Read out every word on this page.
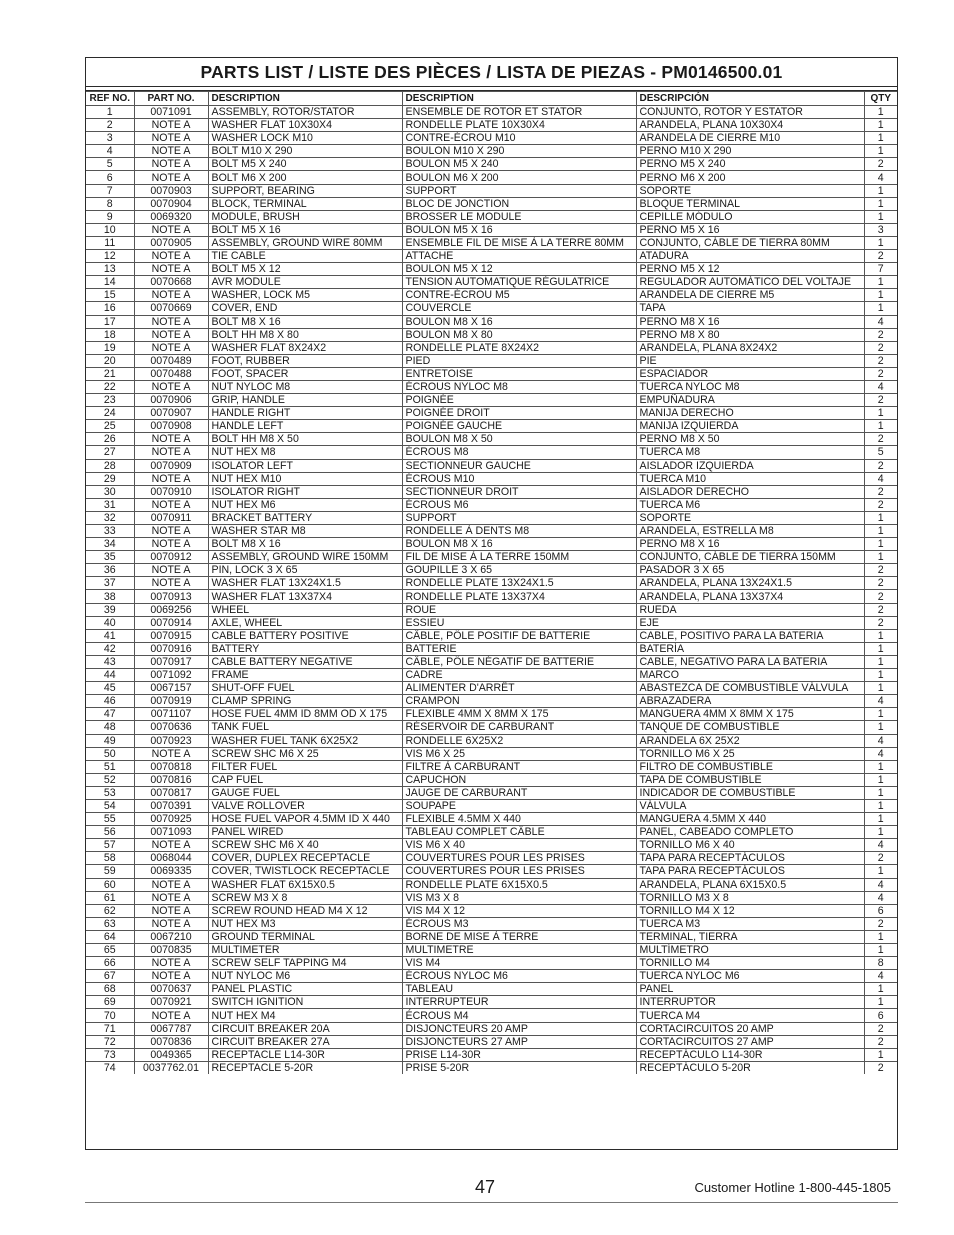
PARTS LIST / LISTE DES PIÈCES / LISTA DE PIEZAS - PM0146500.01
REF NO.	PART NO.	DESCRIPTION	DESCRIPTION	DESCRIPCIÓN	QTY
1	0071091	ASSEMBLY, ROTOR/STATOR	ENSEMBLE DE ROTOR ET STATOR	CONJUNTO, ROTOR Y ESTATOR	1
2	NOTE A	WASHER FLAT 10X30X4	RONDELLE PLATE 10X30X4	ARANDELA, PLANA 10X30X4	1
3	NOTE A	WASHER LOCK M10	CONTRE-ÉCROU M10	ARANDELA DE CIERRE M10	1
4	NOTE A	BOLT M10 X 290	BOULON M10 X 290	PERNO M10 X 290	1
5	NOTE A	BOLT M5 X 240	BOULON M5 X 240	PERNO M5 X 240	2
6	NOTE A	BOLT M6 X 200	BOULON M6 X 200	PERNO M6 X 200	4
7	0070903	SUPPORT, BEARING	SUPPORT	SOPORTE	1
8	0070904	BLOCK, TERMINAL	BLOC DE JONCTION	BLOQUE TERMINAL	1
9	0069320	MODULE, BRUSH	BROSSER LE MODULE	CEPILLE MÓDULO	1
10	NOTE A	BOLT M5 X 16	BOULON M5 X 16	PERNO M5 X 16	3
11	0070905	ASSEMBLY, GROUND WIRE 80MM	ENSEMBLE FIL DE MISE À LA TERRE 80MM	CONJUNTO, CÁBLE DE TIERRA 80MM	1
12	NOTE A	TIE CABLE	ATTACHE	ATADURA	2
13	NOTE A	BOLT M5 X 12	BOULON M5 X 12	PERNO M5 X 12	7
14	0070668	AVR MODULE	TENSION AUTOMATIQUE RÉGULATRICE	REGULADOR AUTOMÁTICO DEL VOLTAJE	1
15	NOTE A	WASHER, LOCK M5	CONTRE-ÉCROU M5	ARANDELA DE CIERRE M5	1
16	0070669	COVER, END	COUVERCLE	TAPA	1
17	NOTE A	BOLT M8 X 16	BOULON M8 X 16	PERNO M8 X 16	4
18	NOTE A	BOLT HH M8 X 80	BOULON M8 X 80	PERNO M8 X 80	2
19	NOTE A	WASHER FLAT 8X24X2	RONDELLE PLATE 8X24X2	ARANDELA, PLANA 8X24X2	2
20	0070489	FOOT, RUBBER	PIED	PIE	2
21	0070488	FOOT, SPACER	ENTRETOISE	ESPACIADOR	2
22	NOTE A	NUT NYLOC M8	ÉCROUS NYLOC M8	TUERCA NYLOC M8	4
23	0070906	GRIP, HANDLE	POIGNÉE	EMPUÑADURA	2
24	0070907	HANDLE RIGHT	POIGNÉE DROIT	MANIJA DERECHO	1
25	0070908	HANDLE LEFT	POIGNÉE GAUCHE	MANIJA IZQUIERDA	1
26	NOTE A	BOLT HH M8 X 50	BOULON M8 X 50	PERNO M8 X 50	2
27	NOTE A	NUT HEX M8	ÉCROUS M8	TUERCA M8	5
28	0070909	ISOLATOR LEFT	SECTIONNEUR GAUCHE	AISLADOR IZQUIERDA	2
29	NOTE A	NUT HEX M10	ÉCROUS M10	TUERCA M10	4
30	0070910	ISOLATOR RIGHT	SECTIONNEUR DROIT	AISLADOR DERECHO	2
31	NOTE A	NUT HEX M6	ÉCROUS M6	TUERCA M6	2
32	0070911	BRACKET BATTERY	SUPPORT	SOPORTE	1
33	NOTE A	WASHER STAR M8	RONDELLE À DENTS M8	ARANDELA, ESTRELLA M8	1
34	NOTE A	BOLT M8 X 16	BOULON M8 X 16	PERNO M8 X 16	1
35	0070912	ASSEMBLY, GROUND WIRE 150MM	FIL DE MISE À LA TERRE 150MM	CONJUNTO, CÁBLE DE TIERRA 150MM	1
36	NOTE A	PIN, LOCK 3 X 65	GOUPILLE 3 X 65	PASADOR 3 X 65	2
37	NOTE A	WASHER FLAT 13X24X1.5	RONDELLE PLATE 13X24X1.5	ARANDELA, PLANA 13X24X1.5	2
38	0070913	WASHER FLAT 13X37X4	RONDELLE PLATE 13X37X4	ARANDELA, PLANA 13X37X4	2
39	0069256	WHEEL	ROUE	RUEDA	2
40	0070914	AXLE, WHEEL	ESSIEU	EJE	2
41	0070915	CABLE BATTERY POSITIVE	CÂBLE, PÔLE POSITIF DE BATTERIE	CABLE, POSITIVO PARA LA BATERIA	1
42	0070916	BATTERY	BATTERIE	BATERÍA	1
43	0070917	CABLE BATTERY NEGATIVE	CÂBLE, PÔLE NÉGATIF DE BATTERIE	CABLE, NEGATIVO PARA LA BATERIA	1
44	0071092	FRAME	CADRE	MARCO	1
45	0067157	SHUT-OFF FUEL	ALIMENTER D'ARRÊT	ABASTEZCA DE COMBUSTIBLE VÁLVULA	1
46	0070919	CLAMP SPRING	CRAMPON	ABRAZADERA	4
47	0071107	HOSE FUEL 4MM ID 8MM OD X 175	FLEXIBLE 4MM X 8MM X 175	MANGUERA 4MM X 8MM X 175	1
48	0070636	TANK FUEL	RÉSERVOIR DE CARBURANT	TANQUE DE COMBUSTIBLE	1
49	0070923	WASHER FUEL TANK 6X25X2	RONDELLE 6X25X2	ARANDELA 6X 25X2	4
50	NOTE A	SCREW SHC M6 X 25	VIS M6 X 25	TORNILLO M6 X 25	4
51	0070818	FILTER FUEL	FILTRE À CARBURANT	FILTRO DE COMBUSTIBLE	1
52	0070816	CAP FUEL	CAPUCHON	TAPA DE COMBUSTIBLE	1
53	0070817	GAUGE FUEL	JAUGE DE CARBURANT	INDICADOR DE COMBUSTIBLE	1
54	0070391	VALVE ROLLOVER	SOUPAPE	VÁLVULA	1
55	0070925	HOSE FUEL VAPOR 4.5MM ID X 440	FLEXIBLE 4.5MM X 440	MANGUERA 4.5MM X 440	1
56	0071093	PANEL WIRED	TABLEAU COMPLET CÂBLE	PANEL, CABEADO COMPLETO	1
57	NOTE A	SCREW SHC M6 X 40	VIS M6 X 40	TORNILLO M6 X 40	4
58	0068044	COVER, DUPLEX RECEPTACLE	COUVERTURES POUR LES PRISES	TAPA PARA RECEPTÁCULOS	2
59	0069335	COVER, TWISTLOCK RECEPTACLE	COUVERTURES POUR LES PRISES	TAPA PARA RECEPTÁCULOS	1
60	NOTE A	WASHER FLAT 6X15X0.5	RONDELLE PLATE 6X15X0.5	ARANDELA, PLANA 6X15X0.5	4
61	NOTE A	SCREW M3 X 8	VIS M3 X 8	TORNILLO M3 X 8	4
62	NOTE A	SCREW ROUND HEAD M4 X 12	VIS M4 X 12	TORNILLO M4 X 12	6
63	NOTE A	NUT HEX M3	ÉCROUS M3	TUERCA M3	2
64	0067210	GROUND TERMINAL	BORNE DE MISE À TERRE	TERMINAL, TIERRA	1
65	0070835	MULTIMETER	MULTIMETRE	MULTÍMETRO	1
66	NOTE A	SCREW SELF TAPPING M4	VIS M4	TORNILLO M4	8
67	NOTE A	NUT NYLOC M6	ÉCROUS NYLOC M6	TUERCA NYLOC M6	4
68	0070637	PANEL PLASTIC	TABLEAU	PANEL	1
69	0070921	SWITCH IGNITION	INTERRUPTEUR	INTERRUPTOR	1
70	NOTE A	NUT HEX M4	ÉCROUS M4	TUERCA M4	6
71	0067787	CIRCUIT BREAKER 20A	DISJONCTEURS 20 AMP	CORTACIRCUITOS 20 AMP	2
72	0070836	CIRCUIT BREAKER 27A	DISJONCTEURS 27 AMP	CORTACIRCUITOS 27 AMP	2
73	0049365	RECEPTACLE L14-30R	PRISE L14-30R	RECEPTÁCULO L14-30R	1
74	0037762.01	RECEPTACLE 5-20R	PRISE 5-20R	RECEPTÁCULO 5-20R	2
47	Customer Hotline 1-800-445-1805
